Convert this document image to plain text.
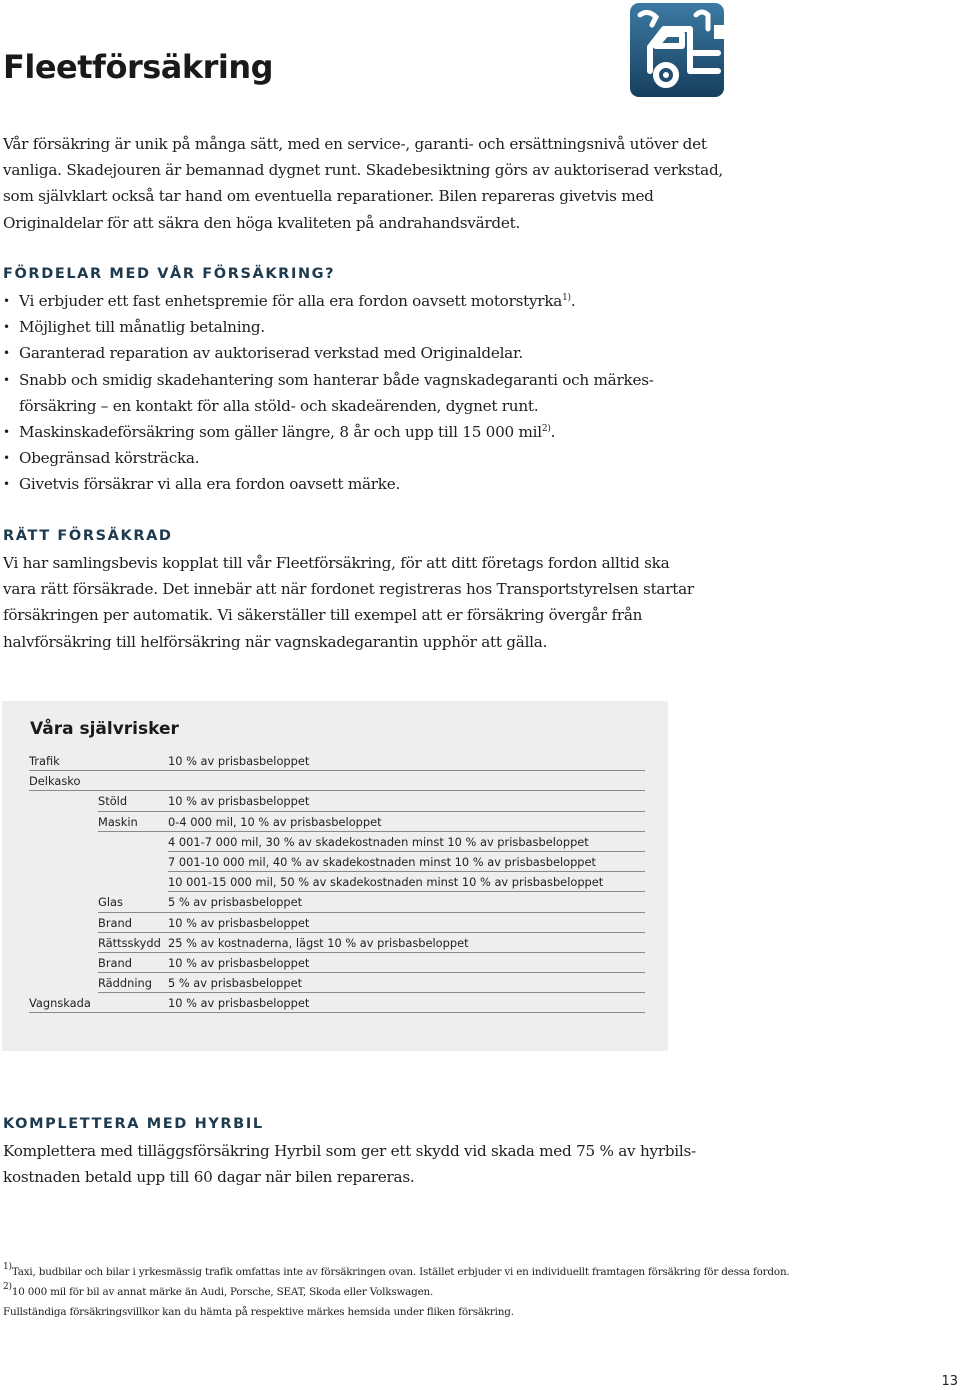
Fleetförsäkring

Vår försäkring är unik på många sätt, med en service-, garanti- och ersättningsnivå utöver det vanliga. Skadejouren är bemannad dygnet runt. Skadebesiktning görs av auktoriserad verkstad, som självklart också tar hand om eventuella reparationer. Bilen repareras givetvis med Originaldelar för att säkra den höga kvaliteten på andrahandsvärdet.

FÖRDELAR MED VÅR FÖRSÄKRING?
• Vi erbjuder ett fast enhetspremie för alla era fordon oavsett motorstyrka$^{1)}$.
• Möjlighet till månatlig betalning.
• Garanterad reparation av auktoriserad verkstad med Originaldelar.
• Snabb och smidig skadehantering som hanterar både vagnskadegaranti och märkes-försäkring – en kontakt för alla stöld- och skadeärenden, dygnet runt.
• Maskinskadeförsäkring som gäller längre, 8 år och upp till 15 000 mil$^{2)}$.
• Obegränsad körsträcka.
• Givetvis försäkrar vi alla era fordon oavsett märke.
RÄTT FÖRSÄKRAD

Vi har samlingsbevis kopplat till vår Fleetförsäkring, för att ditt företags fordon alltid ska vara rätt försäkrade. Det innebär att när fordonet registreras hos Transportstyrelsen startar försäkringen per automatik. Vi säkerställer till exempel att er försäkring övergår från halvförsäkring till helförsäkring när vagnskadegarantin upphör att gälla.

Våra självrisker
Trafik	10 % av prisbasbeloppet
Delkasko
Stöld	10 % av prisbasbeloppet
Maskin	0-4 000 mil, 10 % av prisbasbeloppet
4 001-7 000 mil, 30 % av skadekostnaden minst 10 % av prisbasbeloppet
7 001-10 000 mil, 40 % av skadekostnaden minst 10 % av prisbasbeloppet
10 001-15 000 mil, 50 % av skadekostnaden minst 10 % av prisbasbeloppet
Glas	5 % av prisbasbeloppet
Brand	10 % av prisbasbeloppet
Rättsskydd 25 % av kostnaderna, lägst 10 % av prisbasbeloppet
Brand	10 % av prisbasbeloppet
Räddning 5 % av prisbasbeloppet
Vagnskada	10 % av prisbasbeloppet
KOMPLETTERA MED HYRBIL

Komplettera med tilläggsförsäkring Hyrbil som ger ett skydd vid skada med 75 % av hyrbils-kostnaden betald upp till 60 dagar när bilen repareras.

$^{1)}$Taxi, budbilar och bilar i yrkesmässig trafik omfattas inte av försäkringen ovan. Istället erbjuder vi en individuellt framtagen försäkring för dessa fordon.

$^{2)}$10 000 mil för bil av annat märke än Audi, Porsche, SEAT, Skoda eller Volkswagen.

Fullständiga försäkringsvillkor kan du hämta på respektive märkes hemsida under fliken försäkring.

13
